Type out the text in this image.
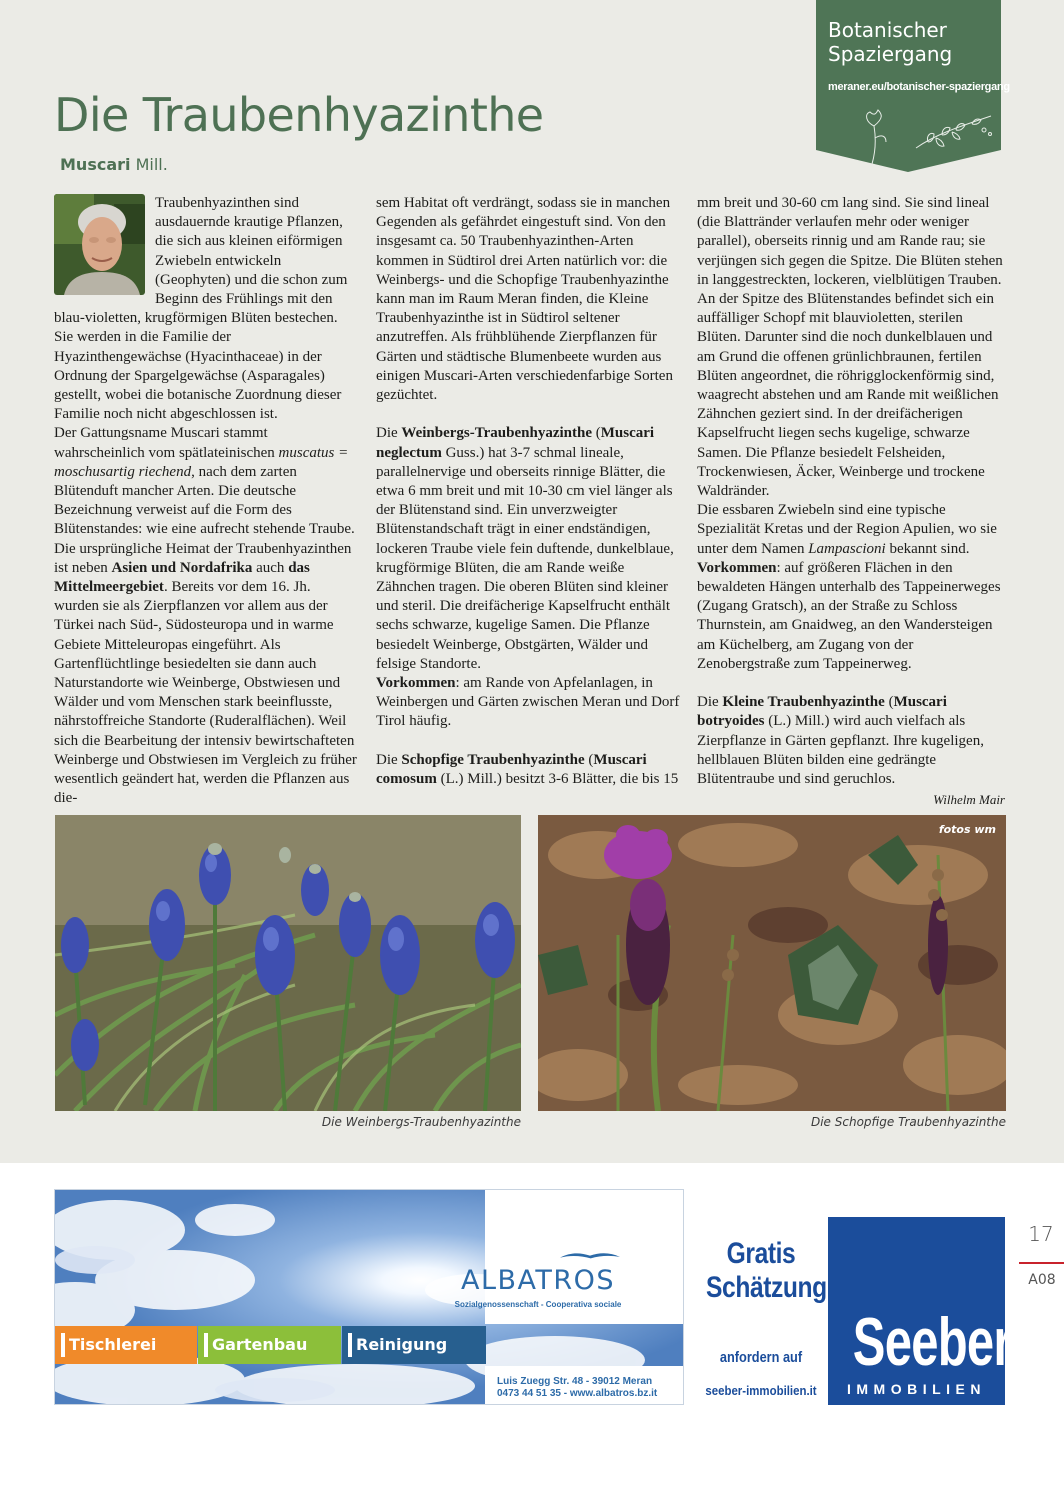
Botanischer
Spaziergang
meraner.eu/botanischer-spaziergang
Die Traubenhyazinthe
Muscari Mill.

Traubenhyazinthen sind ausdauernde krautige Pflanzen, die sich aus kleinen eiförmigen Zwiebeln entwickeln (Geophyten) und die schon zum Beginn des Frühlings mit den blau-violetten, krugförmigen Blüten bestechen. Sie werden in die Familie der Hyazinthengewächse (Hyacinthaceae) in der Ordnung der Spargelgewächse (Asparagales) gestellt, wobei die botanische Zuordnung dieser Familie noch nicht abgeschlossen ist.

Der Gattungsname Muscari stammt wahrscheinlich vom spätlateinischen muscatus = moschusartig riechend, nach dem zarten Blütenduft mancher Arten. Die deutsche Bezeichnung verweist auf die Form des Blütenstandes: wie eine aufrecht stehende Traube.

Die ursprüngliche Heimat der Traubenhyazinthen ist neben Asien und Nordafrika auch das Mittelmeergebiet. Bereits vor dem 16. Jh. wurden sie als Zierpflanzen vor allem aus der Türkei nach Süd-, Südosteuropa und in warme Gebiete Mitteleuropas eingeführt. Als Gartenflüchtlinge besiedelten sie dann auch Naturstandorte wie Weinberge, Obstwiesen und Wälder und vom Menschen stark beeinflusste, nährstoffreiche Standorte (Ruderalflächen). Weil sich die Bearbeitung der intensiv bewirtschafteten Weinberge und Obstwiesen im Vergleich zu früher wesentlich geändert hat, werden die Pflanzen aus die-

sem Habitat oft verdrängt, sodass sie in manchen Gegenden als gefährdet eingestuft sind. Von den insgesamt ca. 50 Traubenhyazinthen-Arten kommen in Südtirol drei Arten natürlich vor: die Weinbergs- und die Schopfige Traubenhyazinthe kann man im Raum Meran finden, die Kleine Traubenhyazinthe ist in Südtirol seltener anzutreffen. Als frühblühende Zierpflanzen für Gärten und städtische Blumenbeete wurden aus einigen Muscari-Arten verschiedenfarbige Sorten gezüchtet.

Die Weinbergs-Traubenhyazinthe (Muscari neglectum Guss.) hat 3-7 schmal lineale, parallelnervige und oberseits rinnige Blätter, die etwa 6 mm breit und mit 10-30 cm viel länger als der Blütenstand sind. Ein unverzweigter Blütenstandschaft trägt in einer endständigen, lockeren Traube viele fein duftende, dunkelblaue, krugförmige Blüten, die am Rande weiße Zähnchen tragen. Die oberen Blüten sind kleiner und steril. Die dreifächerige Kapselfrucht enthält sechs schwarze, kugelige Samen. Die Pflanze besiedelt Weinberge, Obstgärten, Wälder und felsige Standorte.

Vorkommen: am Rande von Apfelanlagen, in Weinbergen und Gärten zwischen Meran und Dorf Tirol häufig.

Die Schopfige Traubenhyazinthe (Muscari comosum (L.) Mill.) besitzt 3-6 Blätter, die bis 15

mm breit und 30-60 cm lang sind. Sie sind lineal (die Blattränder verlaufen mehr oder weniger parallel), oberseits rinnig und am Rande rau; sie verjüngen sich gegen die Spitze. Die Blüten stehen in langgestreckten, lockeren, vielblütigen Trauben. An der Spitze des Blütenstandes befindet sich ein auffälliger Schopf mit blauvioletten, sterilen Blüten. Darunter sind die noch dunkelblauen und am Grund die offenen grünlichbraunen, fertilen Blüten angeordnet, die röhrigglockenförmig sind, waagrecht abstehen und am Rande mit weißlichen Zähnchen geziert sind. In der dreifächerigen Kapselfrucht liegen sechs kugelige, schwarze Samen. Die Pflanze besiedelt Felsheiden, Trockenwiesen, Äcker, Weinberge und trockene Waldränder.

Die essbaren Zwiebeln sind eine typische Spezialität Kretas und der Region Apulien, wo sie unter dem Namen Lampascioni bekannt sind.

Vorkommen: auf größeren Flächen in den bewaldeten Hängen unterhalb des Tappeinerweges (Zugang Gratsch), an der Straße zu Schloss Thurnstein, am Gnaidweg, an den Wandersteigen am Küchelberg, am Zugang von der Zenobergstraße zum Tappeinerweg.

Die Kleine Traubenhyazinthe (Muscari botryoides (L.) Mill.) wird auch vielfach als Zierpflanze in Gärten gepflanzt. Ihre kugeligen, hellblauen Blüten bilden eine gedrängte Blütentraube und sind geruchlos.

Wilhelm Mair
fotos wm
Die Weinbergs-Traubenhyazinthe	Die Schopfige Traubenhyazinthe
Tischlerei	Gartenbau	Reinigung
Luis Zuegg Str. 48 - 39012 Meran
0473 44 51 35 - www.albatros.bz.it
ALBATROS
Sozialgenossenschaft - Cooperativa sociale
Gratis
Schätzung
anfordern auf
seeber-immobilien.it
Seeber
IMMOBILIEN
17
A08
